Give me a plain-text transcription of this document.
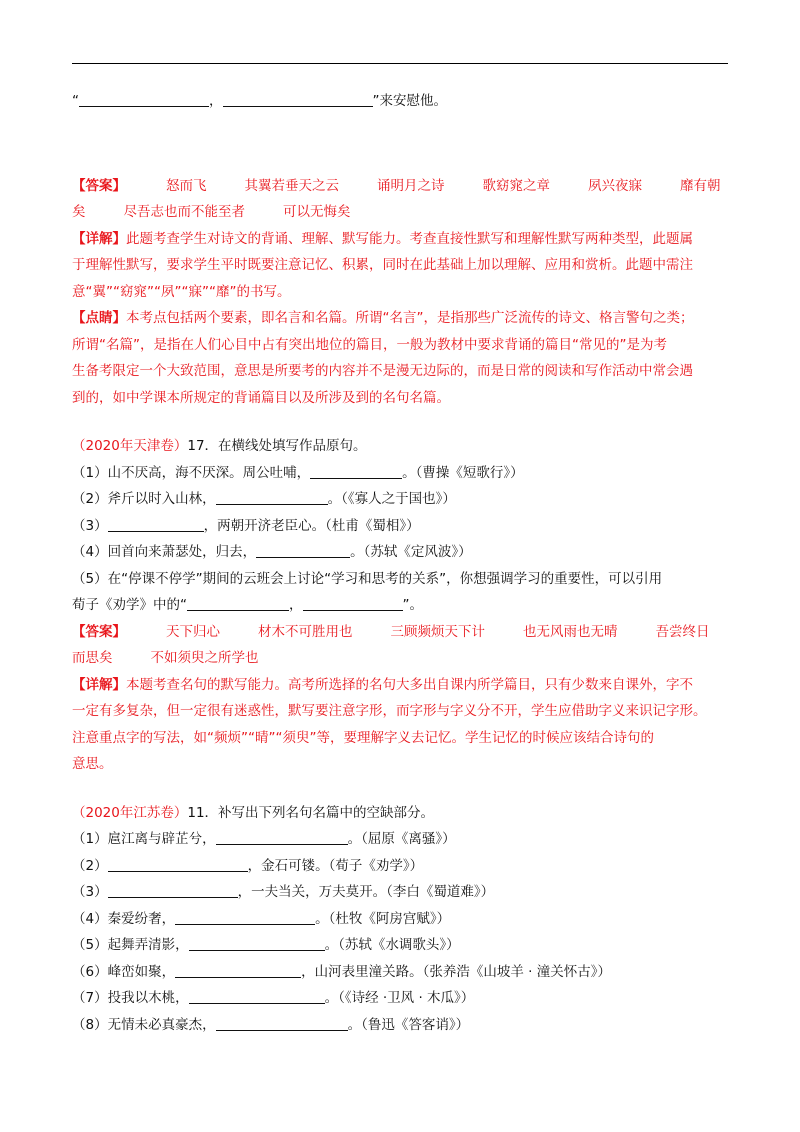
“	，	”来安慰他。
【答案】	怒而飞	其翼若垂天之云	诵明月之诗	歌窈窕之章	夙兴夜寐	靡有朝
矣	尽吾志也而不能至者	可以无悔矣
【详解】此题考查学生对诗文的背诵、理解、默写能力。考查直接性默写和理解性默写两种类型，此题属
于理解性默写，要求学生平时既要注意记忆、积累，同时在此基础上加以理解、应用和赏析。此题中需注
意“翼”“窈窕”“夙”“寐”“靡”的书写。
【点睛】本考点包括两个要素，即名言和名篇。所谓“名言”，是指那些广泛流传的诗文、格言警句之类；
所谓“名篇”，是指在人们心目中占有突出地位的篇目，一般为教材中要求背诵的篇目“常见的”是为考
生备考限定一个大致范围，意思是所要考的内容并不是漫无边际的，而是日常的阅读和写作活动中常会遇
到的，如中学课本所规定的背诵篇目以及所涉及到的名句名篇。
（2020年天津卷）17．在横线处填写作品原句。
（1）山不厌高，海不厌深。周公吐哺，	。（曹操《短歌行》）
（2）斧斤以时入山林，	。（《寡人之于国也》）
（3）	，两朝开济老臣心。（杜甫《蜀相》）
（4）回首向来萧瑟处，归去，	。（苏轼《定风波》）
（5）在“停课不停学”期间的云班会上讨论“学习和思考的关系”，你想强调学习的重要性，可以引用
荀子《劝学》中的“	，	”。
【答案】	天下归心	材木不可胜用也	三顾频烦天下计	也无风雨也无晴	吾尝终日
而思矣	不如须臾之所学也
【详解】本题考查名句的默写能力。高考所选择的名句大多出自课内所学篇目，只有少数来自课外，字不
一定有多复杂，但一定很有迷惑性，默写要注意字形，而字形与字义分不开，学生应借助字义来识记字形。
注意重点字的写法，如“频烦”“晴”“须臾”等，要理解字义去记忆。学生记忆的时候应该结合诗句的
意思。
（2020年江苏卷）11．补写出下列名句名篇中的空缺部分。
（1）扈江离与辟芷兮，	。（屈原《离骚》）
（2）	，金石可镂。（荀子《劝学》）
（3）	，一夫当关，万夫莫开。（李白《蜀道难》）
（4）秦爱纷奢，	。（杜牧《阿房宫赋》）
（5）起舞弄清影，	。（苏轼《水调歌头》）
（6）峰峦如聚，	，山河表里潼关路。（张养浩《山坡羊 · 潼关怀古》）
（7）投我以木桃，	。（《诗经 ·卫风 · 木瓜》）
（8）无情未必真豪杰，	。（鲁迅《答客诮》）
